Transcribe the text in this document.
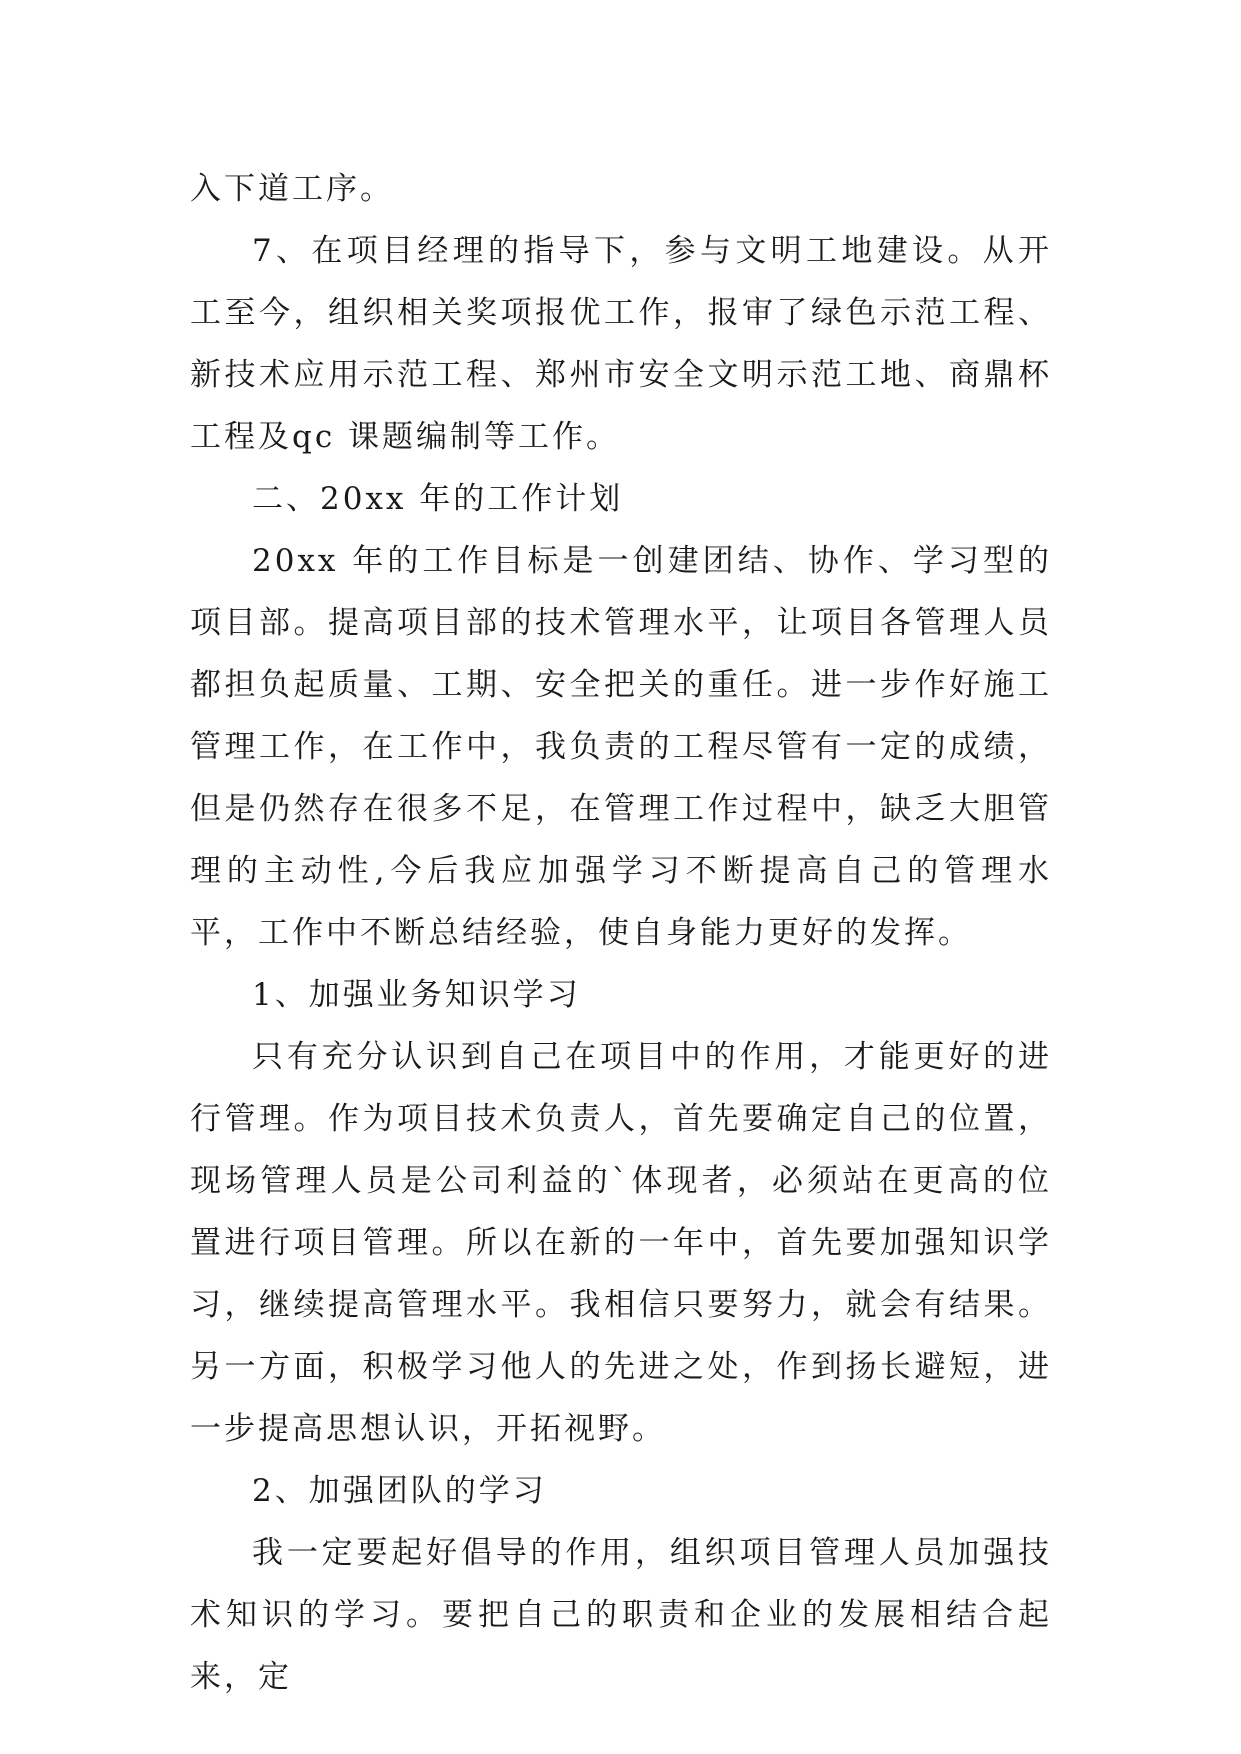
入下道工序。

7、在项目经理的指导下，参与文明工地建设。从开工至今，组织相关奖项报优工作，报审了绿色示范工程、新技术应用示范工程、郑州市安全文明示范工地、商鼎杯工程及qc 课题编制等工作。

二、20xx 年的工作计划

20xx 年的工作目标是一创建团结、协作、学习型的项目部。提高项目部的技术管理水平，让项目各管理人员都担负起质量、工期、安全把关的重任。进一步作好施工管理工作，在工作中，我负责的工程尽管有一定的成绩，但是仍然存在很多不足，在管理工作过程中，缺乏大胆管理的主动性,今后我应加强学习不断提高自己的管理水平，工作中不断总结经验，使自身能力更好的发挥。

1、加强业务知识学习

只有充分认识到自己在项目中的作用，才能更好的进行管理。作为项目技术负责人，首先要确定自己的位置，现场管理人员是公司利益的`体现者，必须站在更高的位置进行项目管理。所以在新的一年中，首先要加强知识学习，继续提高管理水平。我相信只要努力，就会有结果。另一方面，积极学习他人的先进之处，作到扬长避短，进一步提高思想认识，开拓视野。

2、加强团队的学习

我一定要起好倡导的作用，组织项目管理人员加强技术知识的学习。要把自己的职责和企业的发展相结合起来，定
